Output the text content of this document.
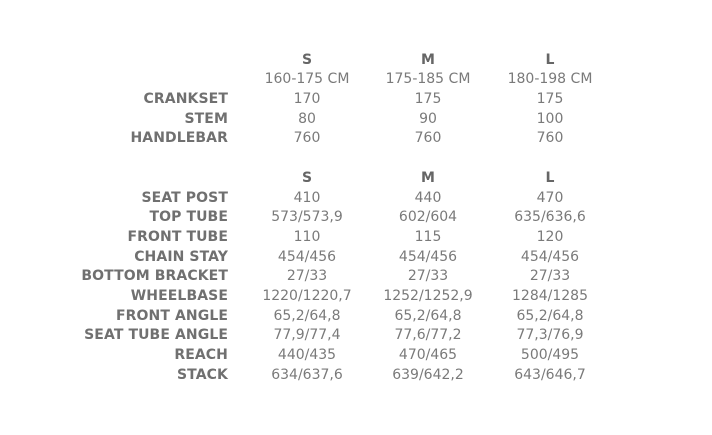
S	M	L
160-175 CM	175-185 CM	180-198 CM
CRANKSET	170	175	175
STEM	80	90	100
HANDLEBAR	760	760	760
S	M	L
SEAT POST	410	440	470
TOP TUBE	573/573,9	602/604	635/636,6
FRONT TUBE	110	115	120
CHAIN STAY	454/456	454/456	454/456
BOTTOM BRACKET	27/33	27/33	27/33
WHEELBASE	1220/1220,7	1252/1252,9	1284/1285
FRONT ANGLE	65,2/64,8	65,2/64,8	65,2/64,8
SEAT TUBE ANGLE	77,9/77,4	77,6/77,2	77,3/76,9
REACH	440/435	470/465	500/495
STACK	634/637,6	639/642,2	643/646,7
